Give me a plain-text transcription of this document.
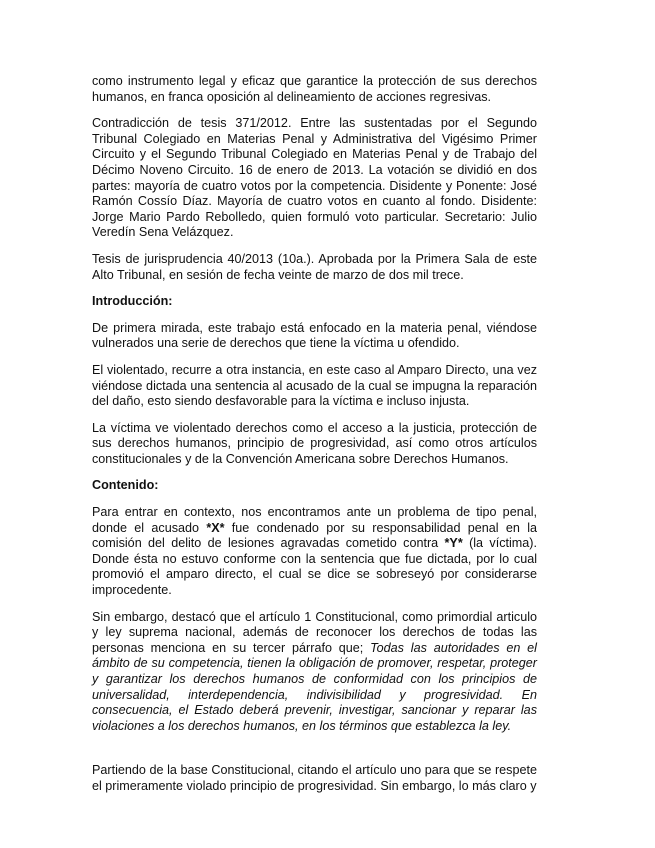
como instrumento legal y eficaz que garantice la protección de sus derechos humanos, en franca oposición al delineamiento de acciones regresivas.

Contradicción de tesis 371/2012. Entre las sustentadas por el Segundo Tribunal Colegiado en Materias Penal y Administrativa del Vigésimo Primer Circuito y el Segundo Tribunal Colegiado en Materias Penal y de Trabajo del Décimo Noveno Circuito. 16 de enero de 2013. La votación se dividió en dos partes: mayoría de cuatro votos por la competencia. Disidente y Ponente: José Ramón Cossío Díaz. Mayoría de cuatro votos en cuanto al fondo. Disidente: Jorge Mario Pardo Rebolledo, quien formuló voto particular. Secretario: Julio Veredín Sena Velázquez.

Tesis de jurisprudencia 40/2013 (10a.). Aprobada por la Primera Sala de este Alto Tribunal, en sesión de fecha veinte de marzo de dos mil trece.

Introducción:

De primera mirada, este trabajo está enfocado en la materia penal, viéndose vulnerados una serie de derechos que tiene la víctima u ofendido.

El violentado, recurre a otra instancia, en este caso al Amparo Directo, una vez viéndose dictada una sentencia al acusado de la cual se impugna la reparación del daño, esto siendo desfavorable para la víctima e incluso injusta.

La víctima ve violentado derechos como el acceso a la justicia, protección de sus derechos humanos, principio de progresividad, así como otros artículos constitucionales y de la Convención Americana sobre Derechos Humanos.

Contenido:

Para entrar en contexto, nos encontramos ante un problema de tipo penal, donde el acusado *X* fue condenado por su responsabilidad penal en la comisión del delito de lesiones agravadas cometido contra *Y* (la víctima). Donde ésta no estuvo conforme con la sentencia que fue dictada, por lo cual promovió el amparo directo, el cual se dice se sobreseyó por considerarse improcedente.

Sin embargo, destacó que el artículo 1 Constitucional, como primordial articulo y ley suprema nacional, además de reconocer los derechos de todas las personas menciona en su tercer párrafo que; Todas las autoridades en el ámbito de su competencia, tienen la obligación de promover, respetar, proteger y garantizar los derechos humanos de conformidad con los principios de universalidad, interdependencia, indivisibilidad y progresividad. En consecuencia, el Estado deberá prevenir, investigar, sancionar y reparar las violaciones a los derechos humanos, en los términos que establezca la ley.

Partiendo de la base Constitucional, citando el artículo uno para que se respete el primeramente violado principio de progresividad. Sin embargo, lo más claro y
